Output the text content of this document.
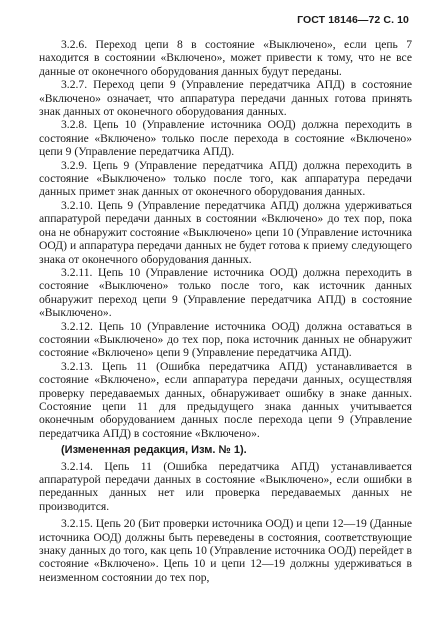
ГОСТ 18146—72 С. 10

3.2.6. Переход цепи 8 в состояние «Выключено», если цепь 7 находится в состоянии «Включено», может привести к тому, что не все данные от оконечного оборудования данных будут переданы.

3.2.7. Переход цепи 9 (Управление передатчика АПД) в состояние «Включено» означает, что аппаратура передачи данных готова принять знак данных от оконечного оборудования данных.

3.2.8. Цепь 10 (Управление источника ООД) должна переходить в состояние «Включено» только после перехода в состояние «Включено» цепи 9 (Управление передатчика АПД).

3.2.9. Цепь 9 (Управление передатчика АПД) должна переходить в состояние «Выключено» только после того, как аппаратура передачи данных примет знак данных от оконечного оборудования данных.

3.2.10. Цепь 9 (Управление передатчика АПД) должна удерживаться аппаратурой передачи данных в состоянии «Включено» до тех пор, пока она не обнаружит состояние «Выключено» цепи 10 (Управление источника ООД) и аппаратура передачи данных не будет готова к приему следующего знака от оконечного оборудования данных.

3.2.11. Цепь 10 (Управление источника ООД) должна переходить в состояние «Выключено» только после того, как источник данных обнаружит переход цепи 9 (Управление передатчика АПД) в состояние «Выключено».

3.2.12. Цепь 10 (Управление источника ООД) должна оставаться в состоянии «Выключено» до тех пор, пока источник данных не обнаружит состояние «Включено» цепи 9 (Управление передатчика АПД).

3.2.13. Цепь 11 (Ошибка передатчика АПД) устанавливается в состояние «Включено», если аппаратура передачи данных, осуществляя проверку передаваемых данных, обнаруживает ошибку в знаке данных. Состояние цепи 11 для предыдущего знака данных учитывается оконечным оборудованием данных после перехода цепи 9 (Управление передатчика АПД) в состояние «Включено».

(Измененная редакция, Изм. № 1).

3.2.14. Цепь 11 (Ошибка передатчика АПД) устанавливается аппаратурой передачи данных в состояние «Выключено», если ошибки в переданных данных нет или проверка передаваемых данных не производится.

3.2.15. Цепь 20 (Бит проверки источника ООД) и цепи 12—19 (Данные источника ООД) должны быть переведены в состояния, соответствующие знаку данных до того, как цепь 10 (Управление источника ООД) перейдет в состояние «Включено». Цепь 10 и цепи 12—19 должны удерживаться в неизменном состоянии до тех пор,
